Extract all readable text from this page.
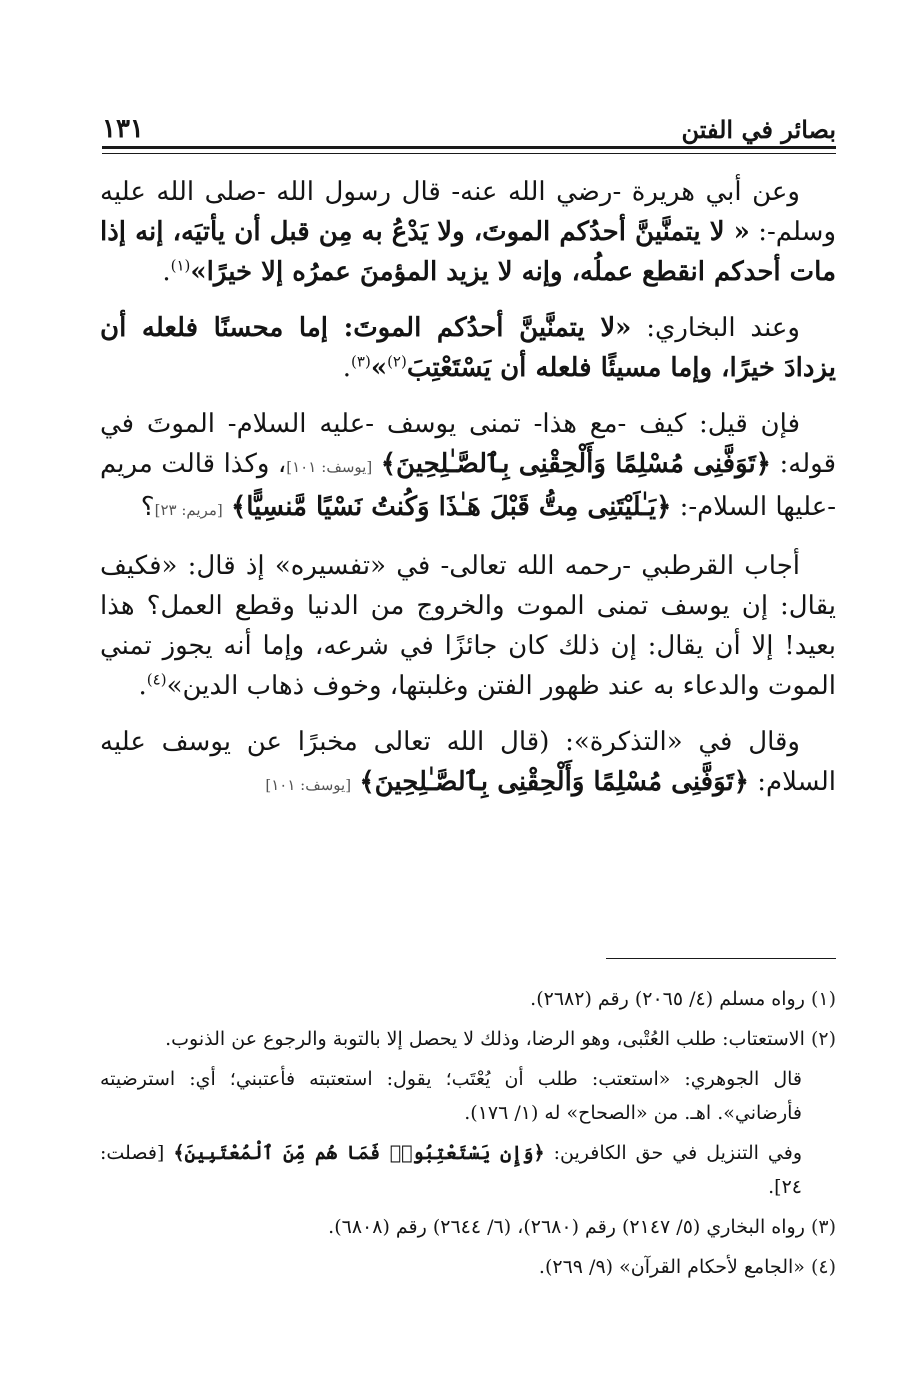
بصائر في الفتن
١٣١

وعن أبي هريرة -رضي الله عنه- قال رسول الله -صلى الله عليه وسلم-: « لا يتمنَّينَّ أحدُكم الموتَ، ولا يَدْعُ به مِن قبل أن يأتيَه، إنه إذا مات أحدكم انقطع عملُه، وإنه لا يزيد المؤمنَ عمرُه إلا خيرًا»$^{(١)}$.

وعند البخاري: «لا يتمنَّينَّ أحدُكم الموتَ: إما محسنًا فلعله أن يزدادَ خيرًا، وإما مسيئًا فلعله أن يَسْتَعْتِبَ$^{(٢)}$»$^{(٣)}$.

فإن قيل: كيف -مع هذا- تمنى يوسف -عليه السلام- الموتَ في قوله: ﴿تَوَفَّنِى مُسْلِمًا وَأَلْحِقْنِى بِٱلصَّـٰلِحِينَ﴾ [يوسف: ١٠١]، وكذا قالت مريم -عليها السلام-: ﴿يَـٰلَيْتَنِى مِتُّ قَبْلَ هَـٰذَا وَكُنتُ نَسْيًا مَّنسِيًّا﴾ [مريم: ٢٣]؟

أجاب القرطبي -رحمه الله تعالى- في «تفسيره» إذ قال: «فكيف يقال: إن يوسف تمنى الموت والخروج من الدنيا وقطع العمل؟ هذا بعيد! إلا أن يقال: إن ذلك كان جائزًا في شرعه، وإما أنه يجوز تمني الموت والدعاء به عند ظهور الفتن وغلبتها، وخوف ذهاب الدين»$^{(٤)}$.

وقال في «التذكرة»: (قال الله تعالى مخبرًا عن يوسف عليه السلام: ﴿تَوَفَّنِى مُسْلِمًا وَأَلْحِقْنِى بِٱلصَّـٰلِحِينَ﴾ [يوسف: ١٠١]

(١) رواه مسلم (٤/ ٢٠٦٥) رقم (٢٦٨٢).

(٢) الاستعتاب: طلب العُتْبى، وهو الرضا، وذلك لا يحصل إلا بالتوبة والرجوع عن الذنوب.

قال الجوهري: «استعتب: طلب أن يُعْتَب؛ يقول: استعتبته فأعتبني؛ أي: استرضيته فأرضاني». اهـ. من «الصحاح» له (١/ ١٧٦).

وفي التنزيل في حق الكافرين: ﴿وَإِن يَسْتَعْتِبُوا۟ فَمَا هُم مِّنَ ٱلْمُعْتَبِينَ﴾ [فصلت: ٢٤].

(٣) رواه البخاري (٥/ ٢١٤٧) رقم (٢٦٨٠)، (٦/ ٢٦٤٤) رقم (٦٨٠٨).

(٤) «الجامع لأحكام القرآن» (٩/ ٢٦٩).
